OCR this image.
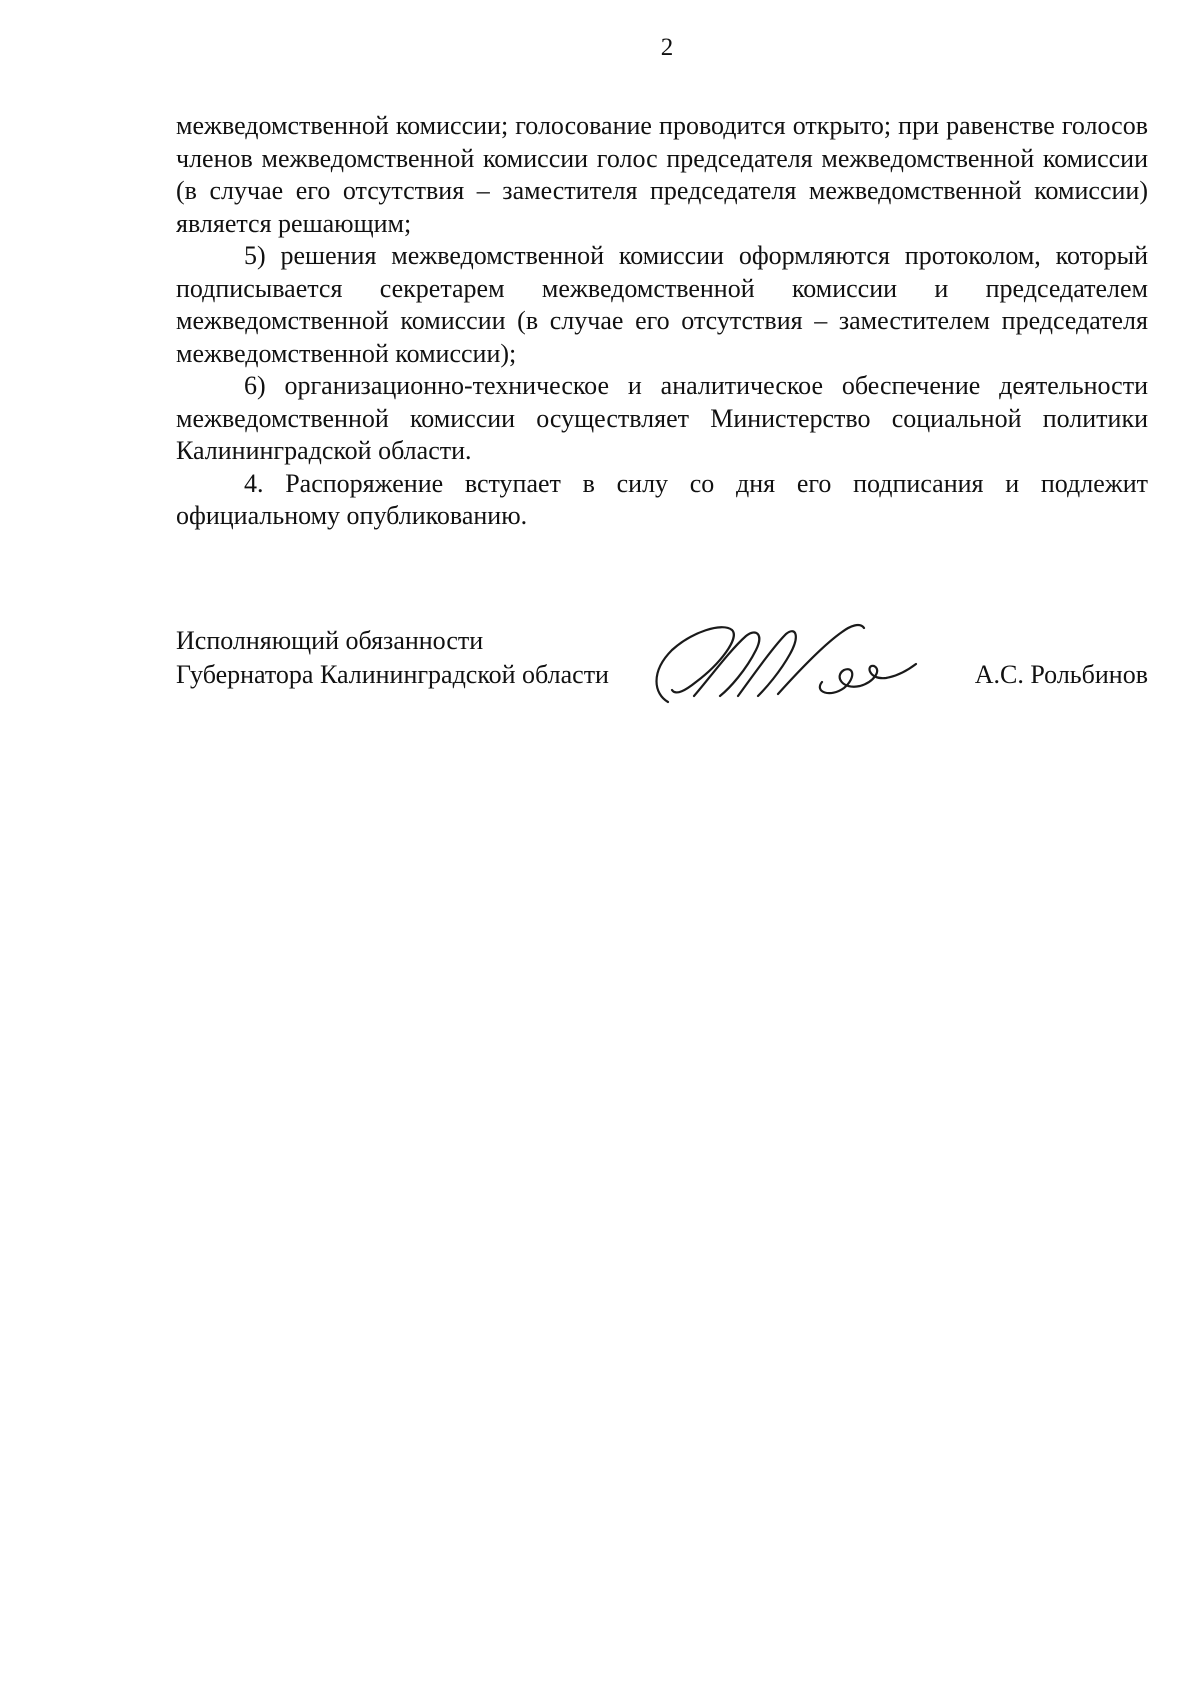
2

межведомственной комиссии; голосование проводится открыто; при равенстве голосов членов межведомственной комиссии голос председателя межведомственной комиссии (в случае его отсутствия – заместителя председателя межведомственной комиссии) является решающим;

5) решения межведомственной комиссии оформляются протоколом, который подписывается секретарем межведомственной комиссии и председателем межведомственной комиссии (в случае его отсутствия – заместителем председателя межведомственной комиссии);

6) организационно-техническое и аналитическое обеспечение деятельности межведомственной комиссии осуществляет Министерство социальной политики Калининградской области.

4. Распоряжение вступает в силу со дня его подписания и подлежит официальному опубликованию.

Исполняющий обязанности
Губернатора Калининградской области	А.С. Рольбинов
